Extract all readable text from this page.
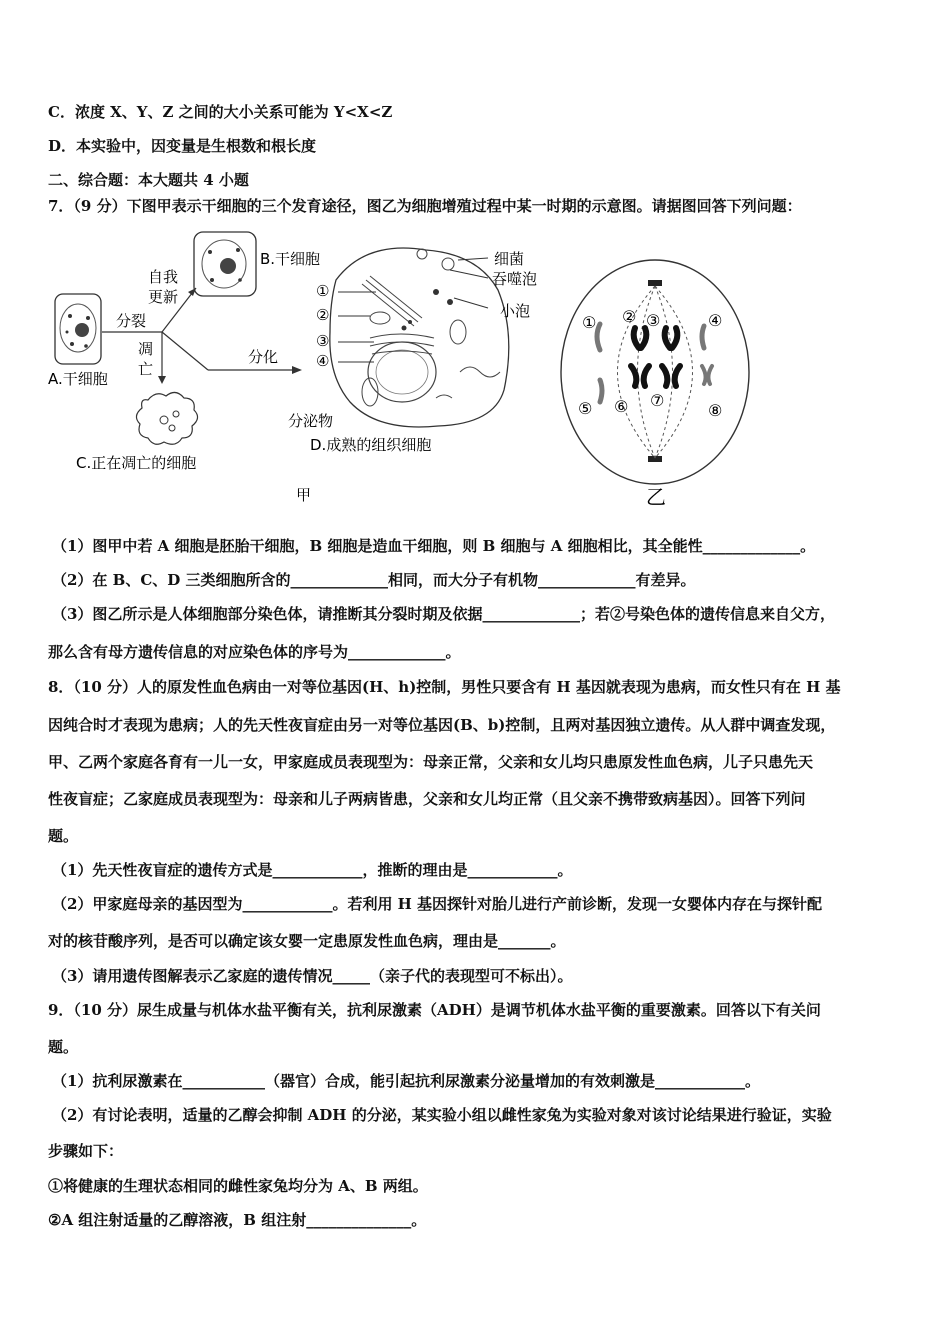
C．浓度 X、Y、Z 之间的大小关系可能为 Y<X<Z
D．本实验中，因变量是生根数和根长度
二、综合题：本大题共 4 小题
7．（9 分）下图甲表示干细胞的三个发育途径，图乙为细胞增殖过程中某一时期的示意图。请据图回答下列问题：
A.干细胞
B.干细胞
自我
更新
分裂
凋
亡
分化
C.正在凋亡的细胞
细菌
吞噬泡
小泡
①
②
③
④
分泌物
D.成熟的组织细胞
甲
① ② ③	④
⑤ ⑥ ⑦
⑧
乙
（1）图甲中若 A 细胞是胚胎干细胞，B 细胞是造血干细胞，则 B 细胞与 A 细胞相比，其全能性_____________。
（2）在 B、C、D 三类细胞所含的_____________相同，而大分子有机物_____________有差异。
（3）图乙所示是人体细胞部分染色体，请推断其分裂时期及依据_____________；若②号染色体的遗传信息来自父方，
那么含有母方遗传信息的对应染色体的序号为_____________。
8．（10 分）人的原发性血色病由一对等位基因(H、h)控制，男性只要含有 H 基因就表现为患病，而女性只有在 H 基
因纯合时才表现为患病；人的先天性夜盲症由另一对等位基因(B、b)控制，且两对基因独立遗传。从人群中调查发现，
甲、乙两个家庭各育有一儿一女，甲家庭成员表现型为：母亲正常，父亲和女儿均只患原发性血色病，儿子只患先天
性夜盲症；乙家庭成员表现型为：母亲和儿子两病皆患，父亲和女儿均正常（且父亲不携带致病基因）。回答下列问
题。
（1）先天性夜盲症的遗传方式是____________，推断的理由是____________。
（2）甲家庭母亲的基因型为____________。若利用 H 基因探针对胎儿进行产前诊断，发现一女婴体内存在与探针配
对的核苷酸序列，是否可以确定该女婴一定患原发性血色病，理由是_______。
（3）请用遗传图解表示乙家庭的遗传情况_____（亲子代的表现型可不标出）。
9．（10 分）尿生成量与机体水盐平衡有关，抗利尿激素（ADH）是调节机体水盐平衡的重要激素。回答以下有关问
题。
（1）抗利尿激素在___________（器官）合成，能引起抗利尿激素分泌量增加的有效刺激是____________。
（2）有讨论表明，适量的乙醇会抑制 ADH 的分泌，某实验小组以雌性家兔为实验对象对该讨论结果进行验证，实验
步骤如下：
①将健康的生理状态相同的雌性家兔均分为 A、B 两组。
②A 组注射适量的乙醇溶液，B 组注射______________。
